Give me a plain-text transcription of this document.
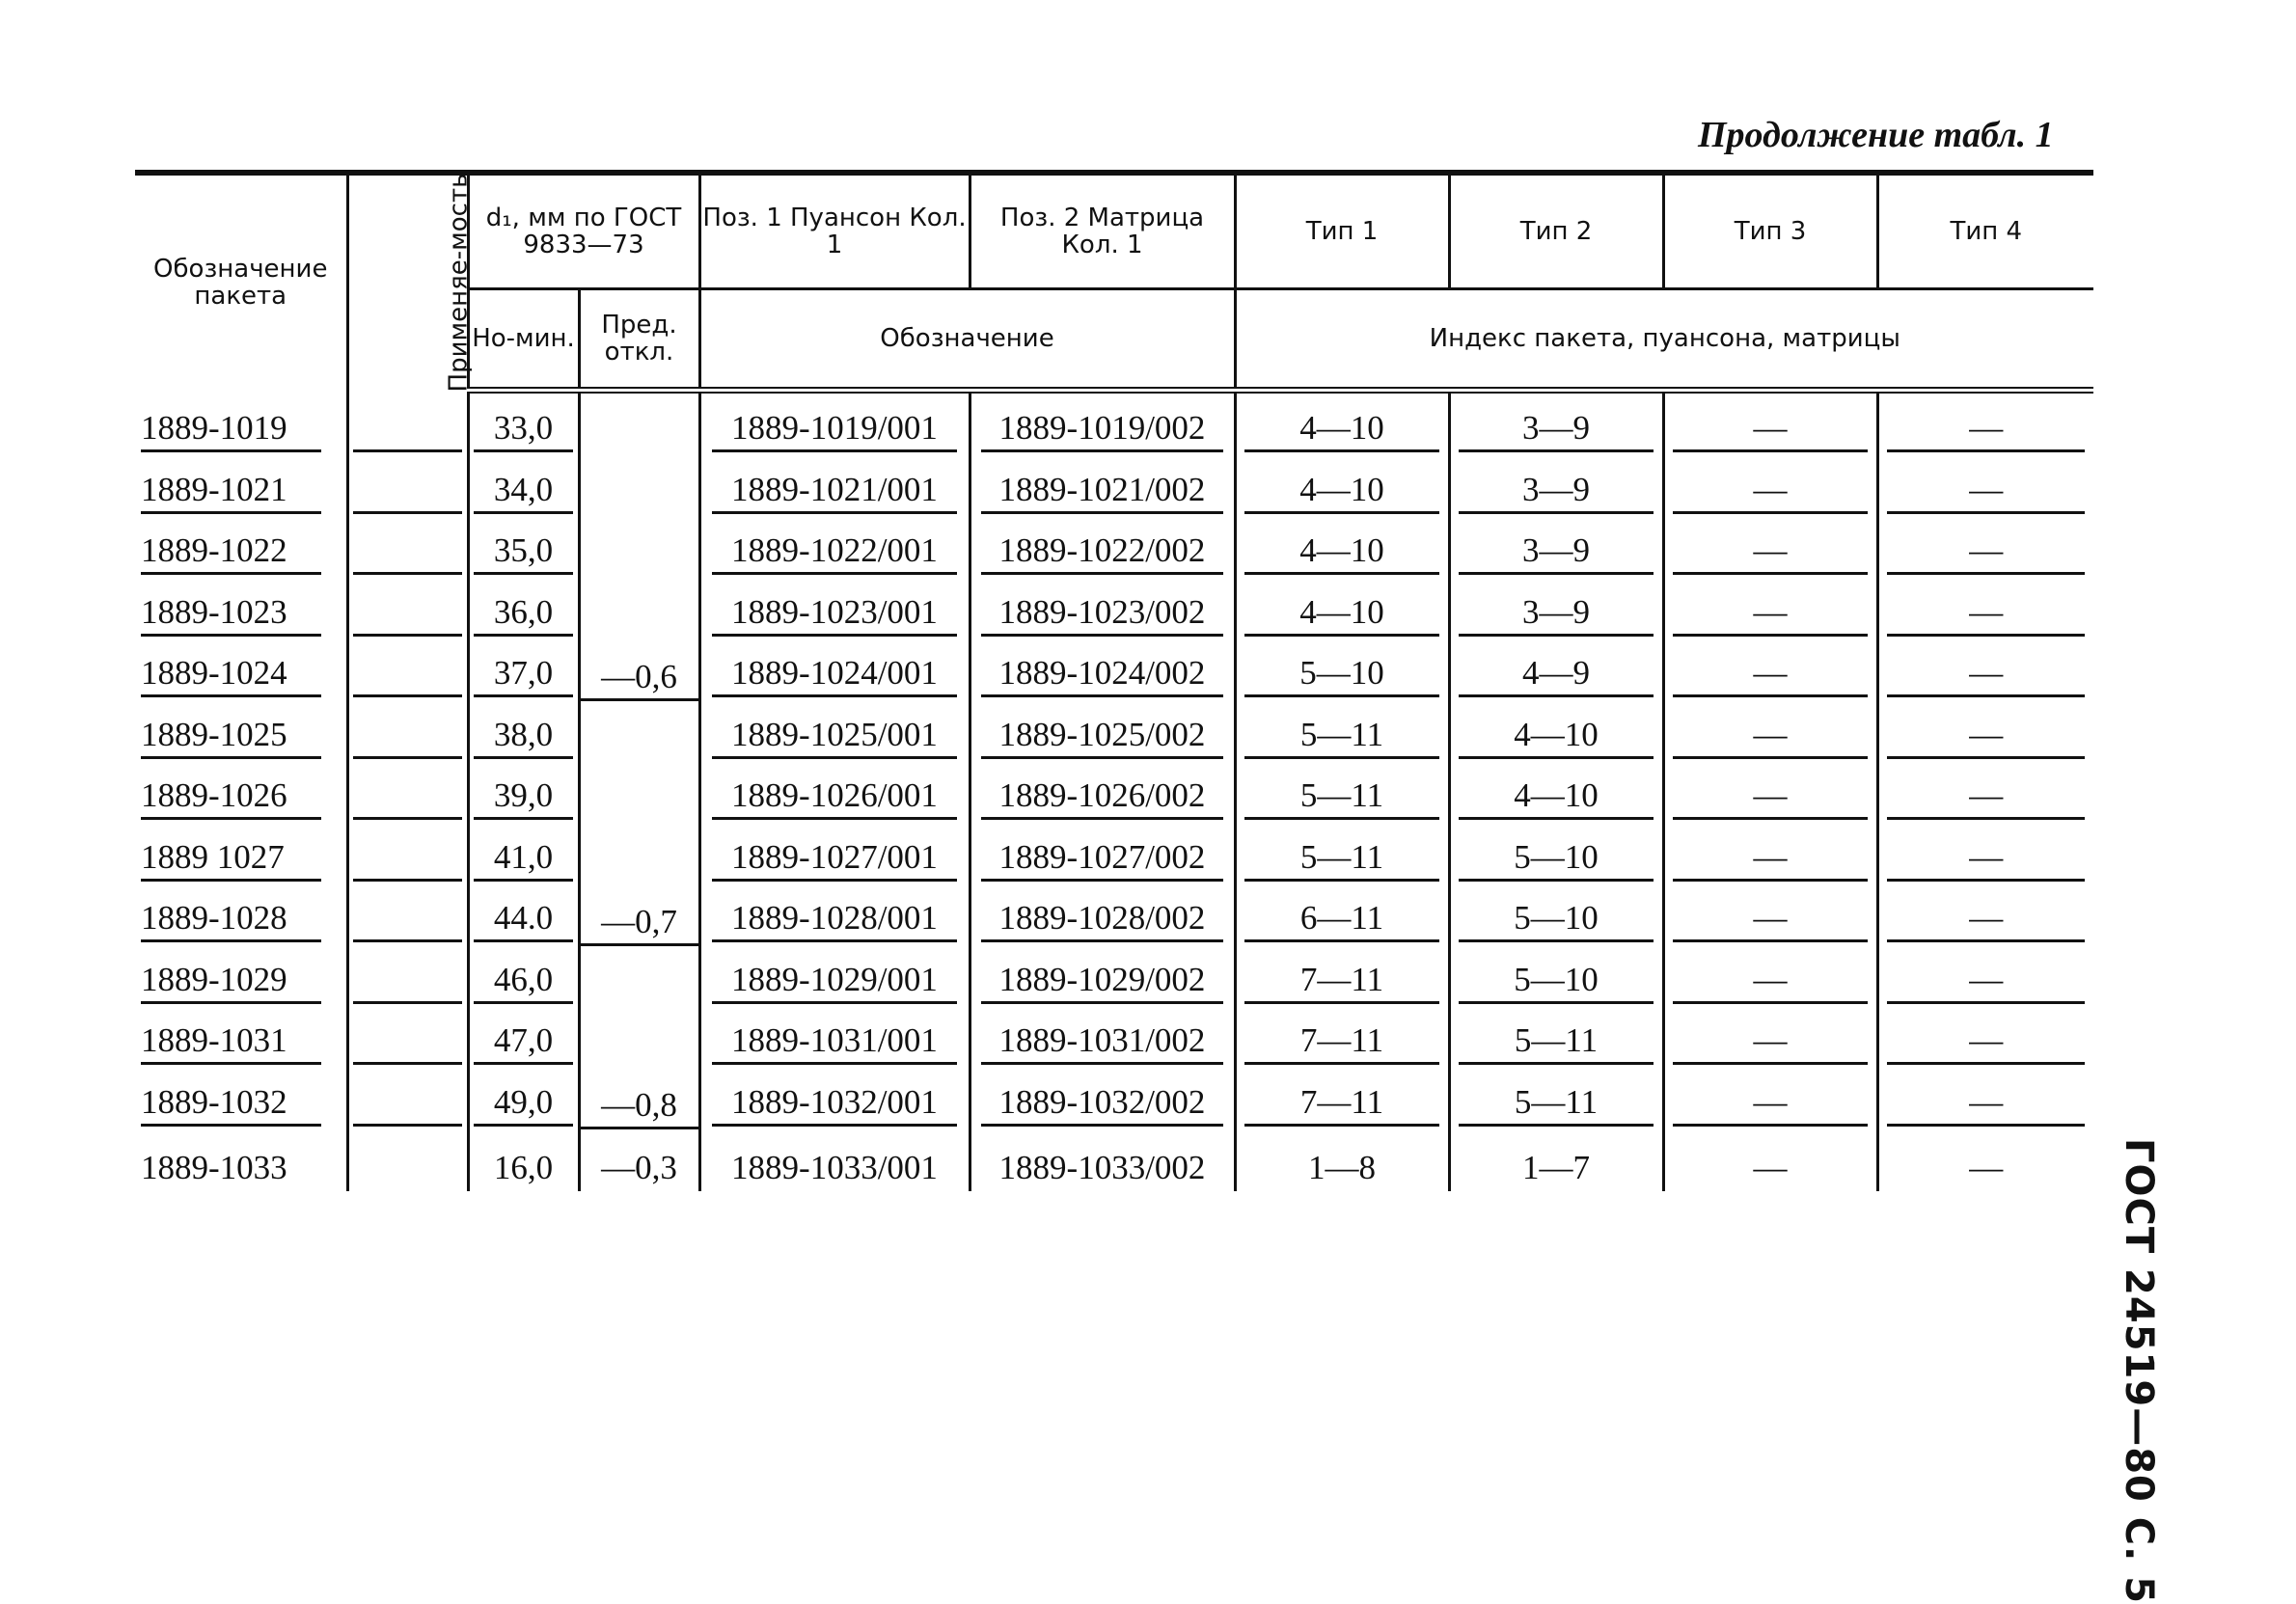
Продолжение табл. 1
Обозначение пакета	Применяе-мость	d₁, мм по ГОСТ 9833—73		Поз. 1 Пуансон Кол. 1	Поз. 2 Матрица Кол. 1	Тип 1	Тип 2	Тип 3	Тип 4
		Но-мин.	Пред. откл.	Обозначение		Индекс пакета, пуансона, матрицы			
1889-1019		33,0	—0,6	1889-1019/001	1889-1019/002	4—10	3—9	—	—
1889-1021		34,0		1889-1021/001	1889-1021/002	4—10	3—9	—	—
1889-1022		35,0		1889-1022/001	1889-1022/002	4—10	3—9	—	—
1889-1023		36,0		1889-1023/001	1889-1023/002	4—10	3—9	—	—
1889-1024		37,0		1889-1024/001	1889-1024/002	5—10	4—9	—	—
1889-1025		38,0	—0,7	1889-1025/001	1889-1025/002	5—11	4—10	—	—
1889-1026		39,0		1889-1026/001	1889-1026/002	5—11	4—10	—	—
1889 1027		41,0		1889-1027/001	1889-1027/002	5—11	5—10	—	—
1889-1028		44.0		1889-1028/001	1889-1028/002	6—11	5—10	—	—
1889-1029		46,0	—0,8	1889-1029/001	1889-1029/002	7—11	5—10	—	—
1889-1031		47,0		1889-1031/001	1889-1031/002	7—11	5—11	—	—
1889-1032		49,0		1889-1032/001	1889-1032/002	7—11	5—11	—	—
1889-1033		16,0	—0,3	1889-1033/001	1889-1033/002	1—8	1—7	—	—	ГОСТ 24519—80 С. 5
